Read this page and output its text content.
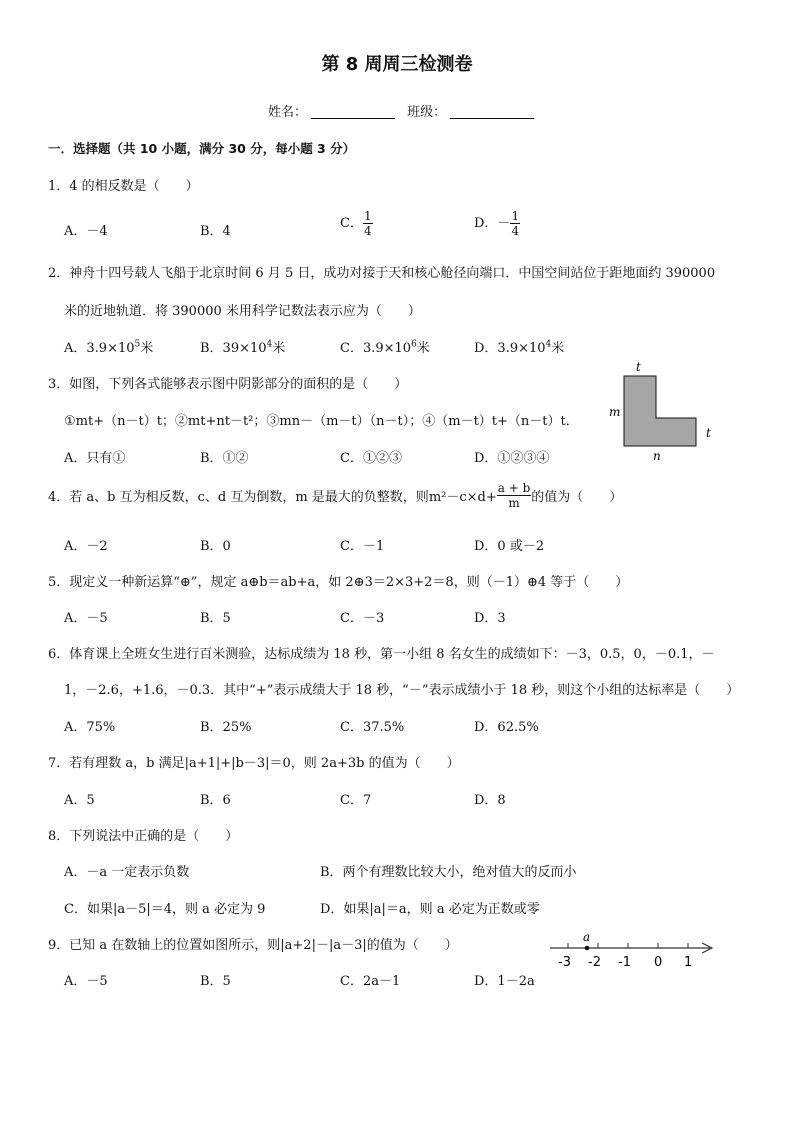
第 8 周周三检测卷
姓名：	班级：
一．选择题（共 10 小题，满分 30 分，每小题 3 分）
1．4 的相反数是（　　）
A．－4	B．4
C． $\frac{1}{4}$	D．－ $\frac{1}{4}$
2．神舟十四号载人飞船于北京时间 6 月 5 日，成功对接于天和核心舱径向端口．中国空间站位于距地面约 390000
米的近地轨道．将 390000 米用科学记数法表示应为（　　）
A．$3.9\times 10^5$米	B．$39\times 10^4$米	C．$3.9\times 10^6$米	D．$3.9\times 10^4$米
3．如图，下列各式能够表示图中阴影部分的面积的是（　　）
①mt+（n－t）t；②mt+nt－t²；③mn－（m－t）（n－t）；④（m－t）t+（n－t）t．
A．只有①	B．①②	C．①②③	D．①②③④
t
m
t
n
4．若 a、b 互为相反数，c、d 互为倒数，m 是最大的负整数，则$m^2-c\times d+ \frac{a + b}{m}$ 的值为（　　）
A．－2	B．0	C．－1	D．0 或－2
5．现定义一种新运算“⊕”，规定 a⊕b＝ab+a，如 2⊕3＝2×3+2＝8，则（－1）⊕4 等于（　　）
A．－5	B．5	C．－3	D．3
6．体育课上全班女生进行百米测验，达标成绩为 18 秒，第一小组 8 名女生的成绩如下：－3，0.5，0，－0.1，－
1，－2.6，+1.6，－0.3．其中“+”表示成绩大于 18 秒，“－”表示成绩小于 18 秒，则这个小组的达标率是（　　）
A．75%	B．25%	C．37.5%	D．62.5%
7．若有理数 a，b 满足|a+1|+|b－3|＝0，则 2a+3b 的值为（　　）
A．5	B．6	C．7	D．8
8．下列说法中正确的是（　　）
A．－a 一定表示负数	B．两个有理数比较大小，绝对值大的反而小
C．如果|a－5|＝4，则 a 必定为 9	D．如果|a|＝a，则 a 必定为正数或零
9．已知 a 在数轴上的位置如图所示，则|a+2|－|a－3|的值为（　　）
A．－5	B．5	C．2a－1	D．1－2a
a
-3 -2 -1 0 1
